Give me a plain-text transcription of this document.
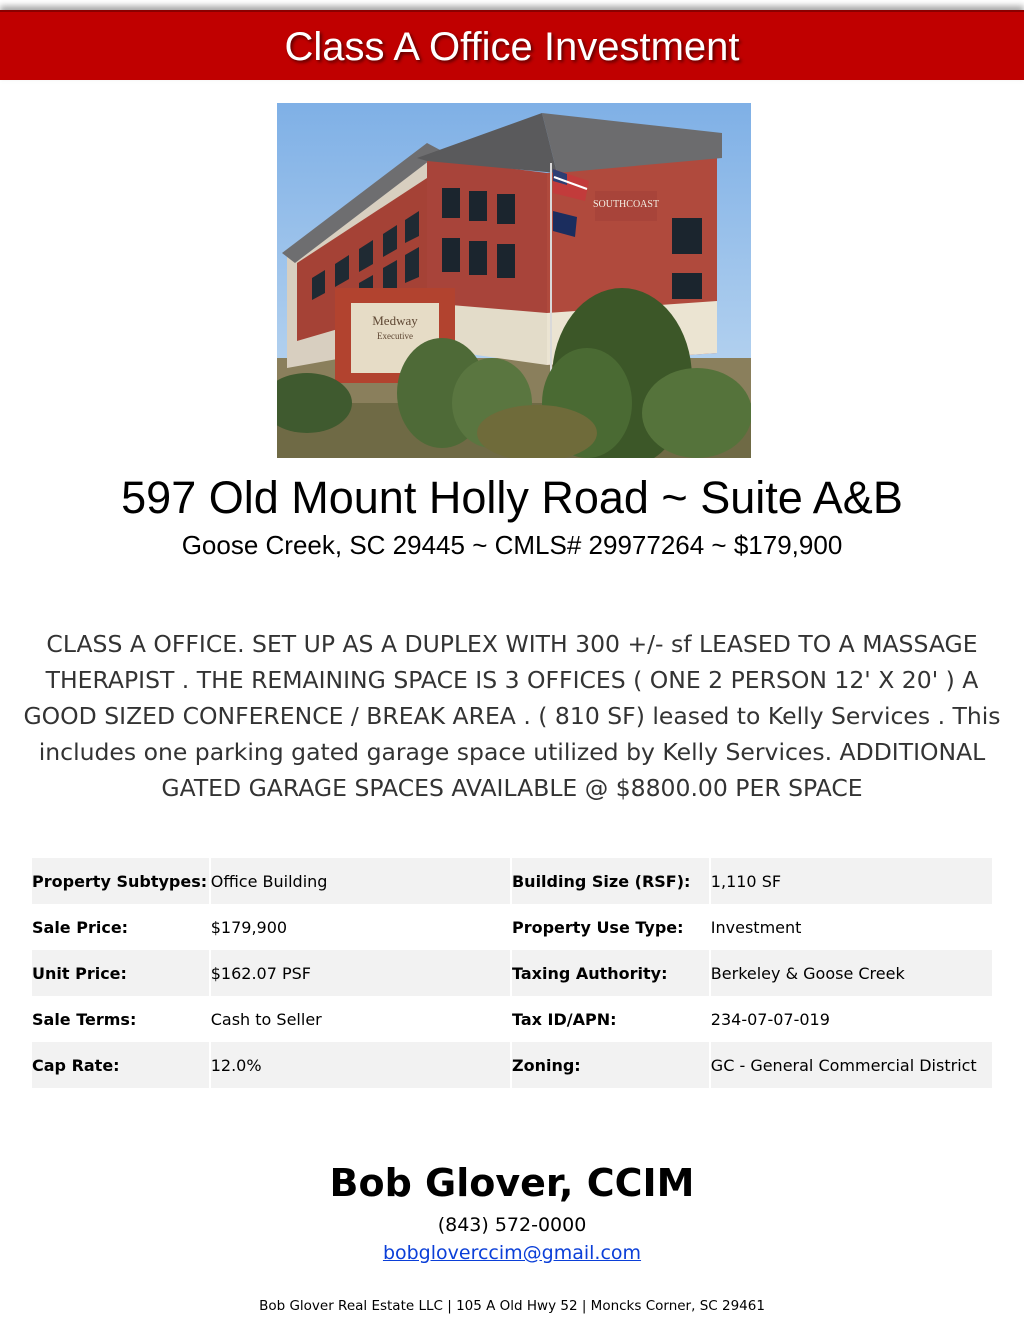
Class A Office Investment
SOUTHCOAST
Medway
Executive
597 Old Mount Holly Road ~ Suite A&B
Goose Creek, SC 29445 ~ CMLS# 29977264 ~ $179,900
CLASS A OFFICE. SET UP AS A DUPLEX WITH 300 +/- sf LEASED TO A MASSAGE THERAPIST . THE REMAINING SPACE IS 3 OFFICES ( ONE 2 PERSON 12' X 20' ) A GOOD SIZED CONFERENCE / BREAK AREA . ( 810 SF) leased to Kelly Services . This includes one parking gated garage space utilized by Kelly Services. ADDITIONAL GATED GARAGE SPACES AVAILABLE @ $8800.00 PER SPACE
Property Subtypes:	Office Building	Building Size (RSF):	1,110 SF
Sale Price:	$179,900	Property Use Type:	Investment
Unit Price:	$162.07 PSF	Taxing Authority:	Berkeley & Goose Creek
Sale Terms:	Cash to Seller	Tax ID/APN:	234-07-07-019
Cap Rate:	12.0%	Zoning:	GC - General Commercial District
Bob Glover, CCIM
(843) 572-0000
bobgloverccim@gmail.com
Bob Glover Real Estate LLC | 105 A Old Hwy 52 | Moncks Corner, SC 29461
